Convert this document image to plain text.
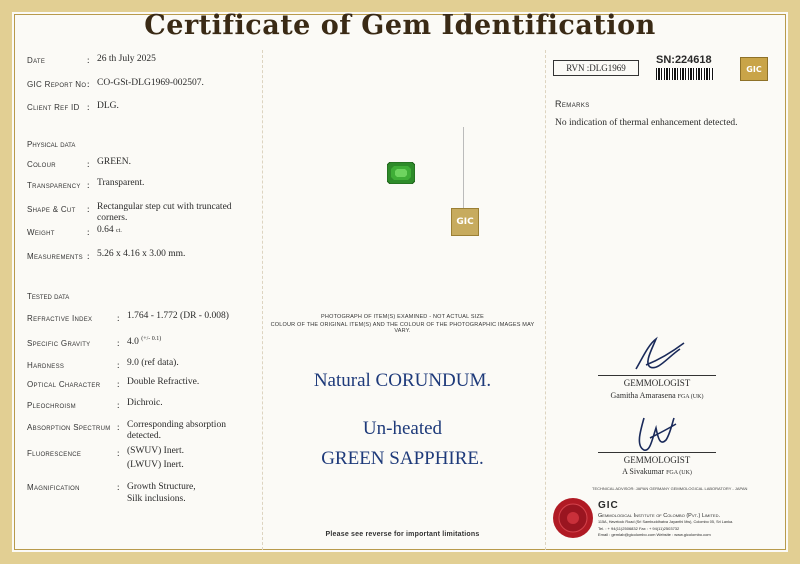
Certificate of Gem Identification
Date	: 26 th July 2025
GIC Report No : CO-GSt-DLG1969-002507.
Client Ref ID : DLG.
Physical data
Colour	: GREEN.
Transparency : Transparent.
Shape & Cut : Rectangular step cut with truncated corners.
Weight	: 0.64 ct.
Measurements : 5.26 x 4.16 x 3.00 mm.
Tested data
Refractive Index	: 1.764 - 1.772 (DR - 0.008)
Specific Gravity	: 4.0 $^{(+/- 0.1)}$
Hardness	: 9.0 (ref data).
Optical Character : Double Refractive.
Pleochroism	: Dichroic.
Absorption Spectrum : Corresponding absorption detected.
Fluorescence	: (SWUV) Inert.
(LWUV) Inert.
Magnification	: Growth Structure,
Silk inclusions.
GIC
PHOTOGRAPH OF ITEM(S) EXAMINED - NOT ACTUAL SIZE
COLOUR OF THE ORIGINAL ITEM(S) AND THE COLOUR OF THE PHOTOGRAPHIC IMAGES MAY VARY.
Natural CORUNDUM.
Un-heated
GREEN SAPPHIRE.
Please see reverse for important limitations
RVN :DLG1969
SN:224618
GIC
Remarks
No indication of thermal enhancement detected.
GEMMOLOGIST
Gamitha Amarasena FGA (UK)
GEMMOLOGIST
A Sivakumar FGA (UK)
TECHNICAL ADVISOR: JAPAN GERMANY GEMMOLOGICAL LABORATORY - JAPAN
GIC
Gemmological Institute of Colombo (Pvt.) Limited.
115A, Havelock Road (Sri Sambuddhatva Jayanthi Mw), Colombo 05, Sri Lanka.
Tel. : + 94(11)2506832 Fax : + 94(11)2503732
Email : gemlab@gicolombo.com Website : www.gicolombo.com
